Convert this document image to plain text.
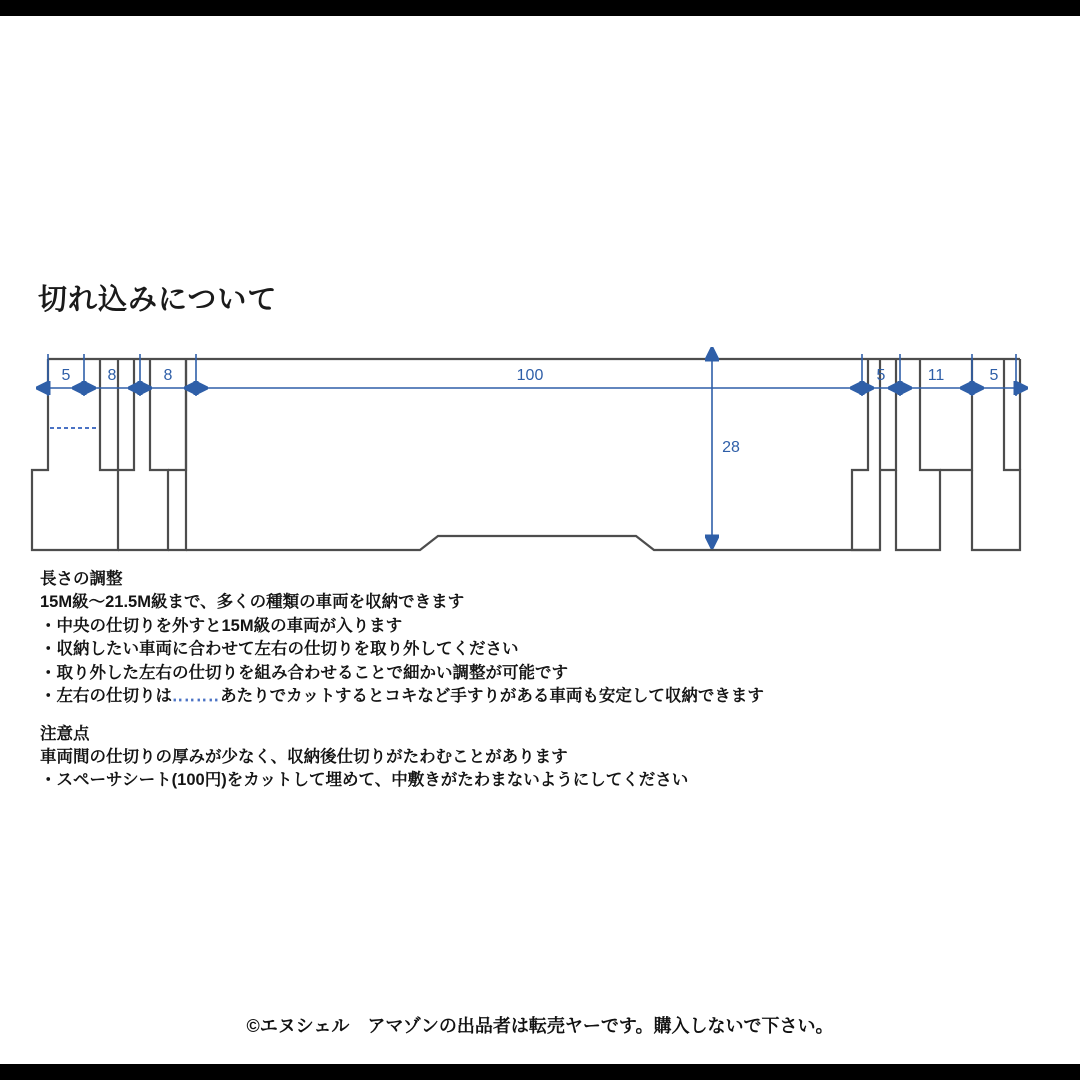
切れ込みについて
5 8	8	100	5	11	5
28
長さの調整
15M級〜21.5M級まで、多くの種類の車両を収納できます
・中央の仕切りを外すと15M級の車両が入ります
・収納したい車両に合わせて左右の仕切りを取り外してください
・取り外した左右の仕切りを組み合わせることで細かい調整が可能です
・左右の仕切りは‥‥‥‥あたりでカットするとコキなど手すりがある車両も安定して収納できます
注意点
車両間の仕切りの厚みが少なく、収納後仕切りがたわむことがあります
・スペーサシート(100円)をカットして埋めて、中敷きがたわまないようにしてください
©エヌシェル　アマゾンの出品者は転売ヤーです。購入しないで下さい。
